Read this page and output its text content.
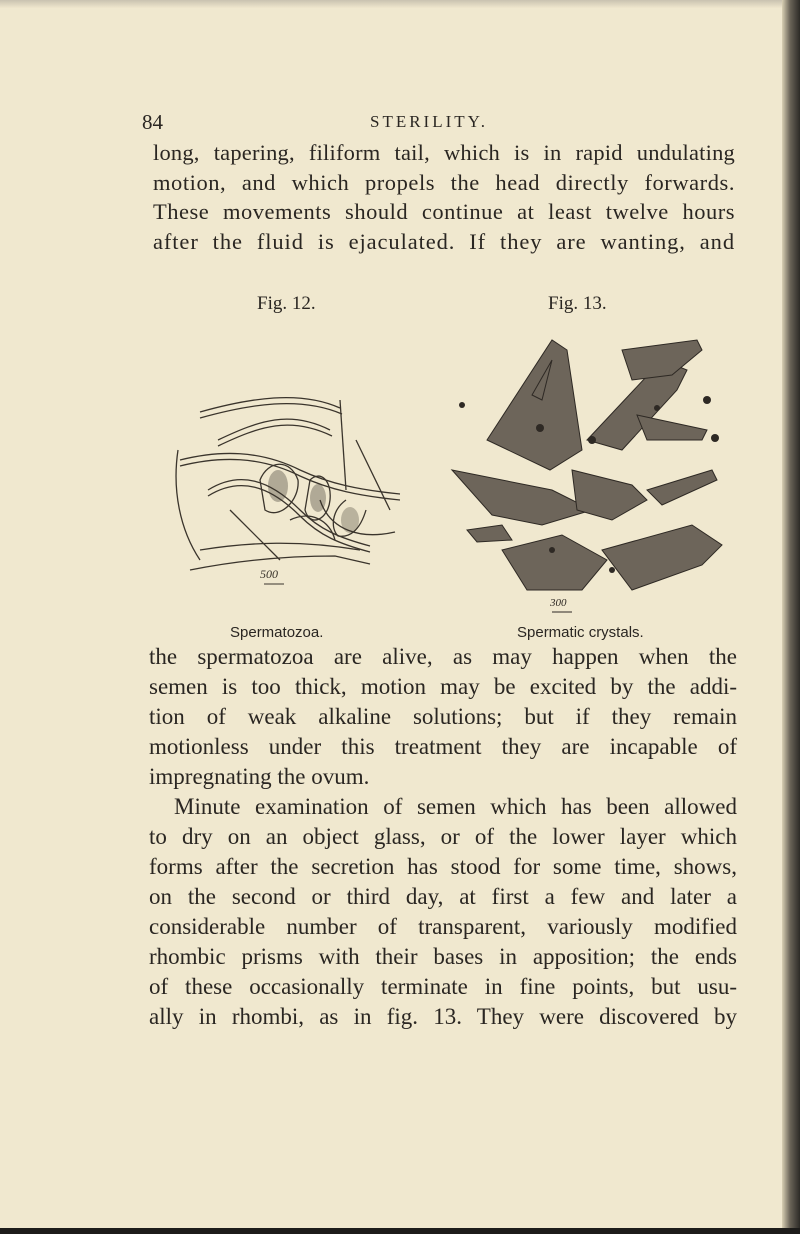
84	STERILITY.
long, tapering, filiform tail, which is in rapid undulating
motion, and which propels the head directly forwards.
These movements should continue at least twelve hours
after the fluid is ejaculated. If they are wanting, and
Fig. 12.	Fig. 13.
500
300
Spermatozoa.	Spermatic crystals.
the spermatozoa are alive, as may happen when the
semen is too thick, motion may be excited by the addi-
tion of weak alkaline solutions; but if they remain
motionless under this treatment they are incapable of
impregnating the ovum.
Minute examination of semen which has been allowed
to dry on an object glass, or of the lower layer which
forms after the secretion has stood for some time, shows,
on the second or third day, at first a few and later a
considerable number of transparent, variously modified
rhombic prisms with their bases in apposition; the ends
of these occasionally terminate in fine points, but usu-
ally in rhombi, as in fig. 13. They were discovered by
